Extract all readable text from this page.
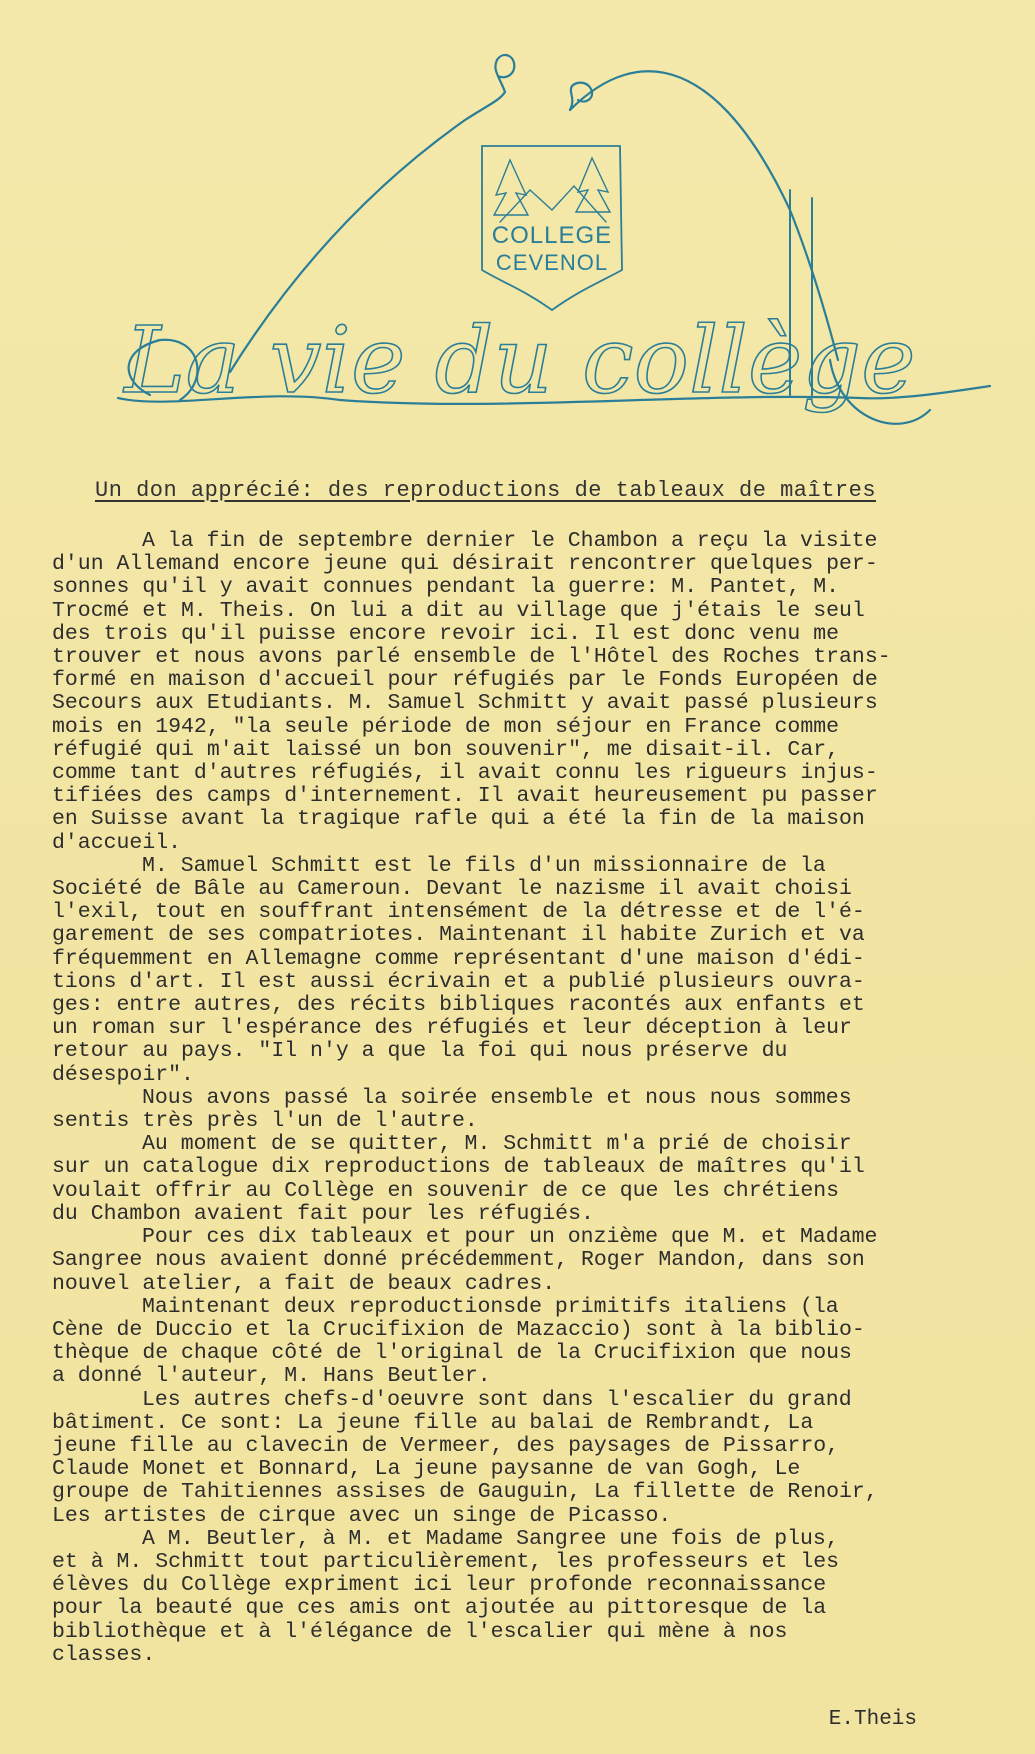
COLLEGE
CEVENOL
La vie du collège
Un don apprécié: des reproductions de tableaux de maîtres
A la fin de septembre dernier le Chambon a reçu la visite
d'un Allemand encore jeune qui désirait rencontrer quelques per-
sonnes qu'il y avait connues pendant la guerre: M. Pantet, M.
Trocmé et M. Theis. On lui a dit au village que j'étais le seul
des trois qu'il puisse encore revoir ici. Il est donc venu me
trouver et nous avons parlé ensemble de l'Hôtel des Roches trans-
formé en maison d'accueil pour réfugiés par le Fonds Européen de
Secours aux Etudiants. M. Samuel Schmitt y avait passé plusieurs
mois en 1942, "la seule période de mon séjour en France comme
réfugié qui m'ait laissé un bon souvenir", me disait-il. Car,
comme tant d'autres réfugiés, il avait connu les rigueurs injus-
tifiées des camps d'internement. Il avait heureusement pu passer
en Suisse avant la tragique rafle qui a été la fin de la maison
d'accueil.
M. Samuel Schmitt est le fils d'un missionnaire de la
Société de Bâle au Cameroun. Devant le nazisme il avait choisi
l'exil, tout en souffrant intensément de la détresse et de l'é-
garement de ses compatriotes. Maintenant il habite Zurich et va
fréquemment en Allemagne comme représentant d'une maison d'édi-
tions d'art. Il est aussi écrivain et a publié plusieurs ouvra-
ges: entre autres, des récits bibliques racontés aux enfants et
un roman sur l'espérance des réfugiés et leur déception à leur
retour au pays. "Il n'y a que la foi qui nous préserve du
désespoir".
Nous avons passé la soirée ensemble et nous nous sommes
sentis très près l'un de l'autre.
Au moment de se quitter, M. Schmitt m'a prié de choisir
sur un catalogue dix reproductions de tableaux de maîtres qu'il
voulait offrir au Collège en souvenir de ce que les chrétiens
du Chambon avaient fait pour les réfugiés.
Pour ces dix tableaux et pour un onzième que M. et Madame
Sangree nous avaient donné précédemment, Roger Mandon, dans son
nouvel atelier, a fait de beaux cadres.
Maintenant deux reproductionsde primitifs italiens (la
Cène de Duccio et la Crucifixion de Mazaccio) sont à la biblio-
thèque de chaque côté de l'original de la Crucifixion que nous
a donné l'auteur, M. Hans Beutler.
Les autres chefs-d'oeuvre sont dans l'escalier du grand
bâtiment. Ce sont: La jeune fille au balai de Rembrandt, La
jeune fille au clavecin de Vermeer, des paysages de Pissarro,
Claude Monet et Bonnard, La jeune paysanne de van Gogh, Le
groupe de Tahitiennes assises de Gauguin, La fillette de Renoir,
Les artistes de cirque avec un singe de Picasso.
A M. Beutler, à M. et Madame Sangree une fois de plus,
et à M. Schmitt tout particulièrement, les professeurs et les
élèves du Collège expriment ici leur profonde reconnaissance
pour la beauté que ces amis ont ajoutée au pittoresque de la
bibliothèque et à l'élégance de l'escalier qui mène à nos
classes.
E.Theis
